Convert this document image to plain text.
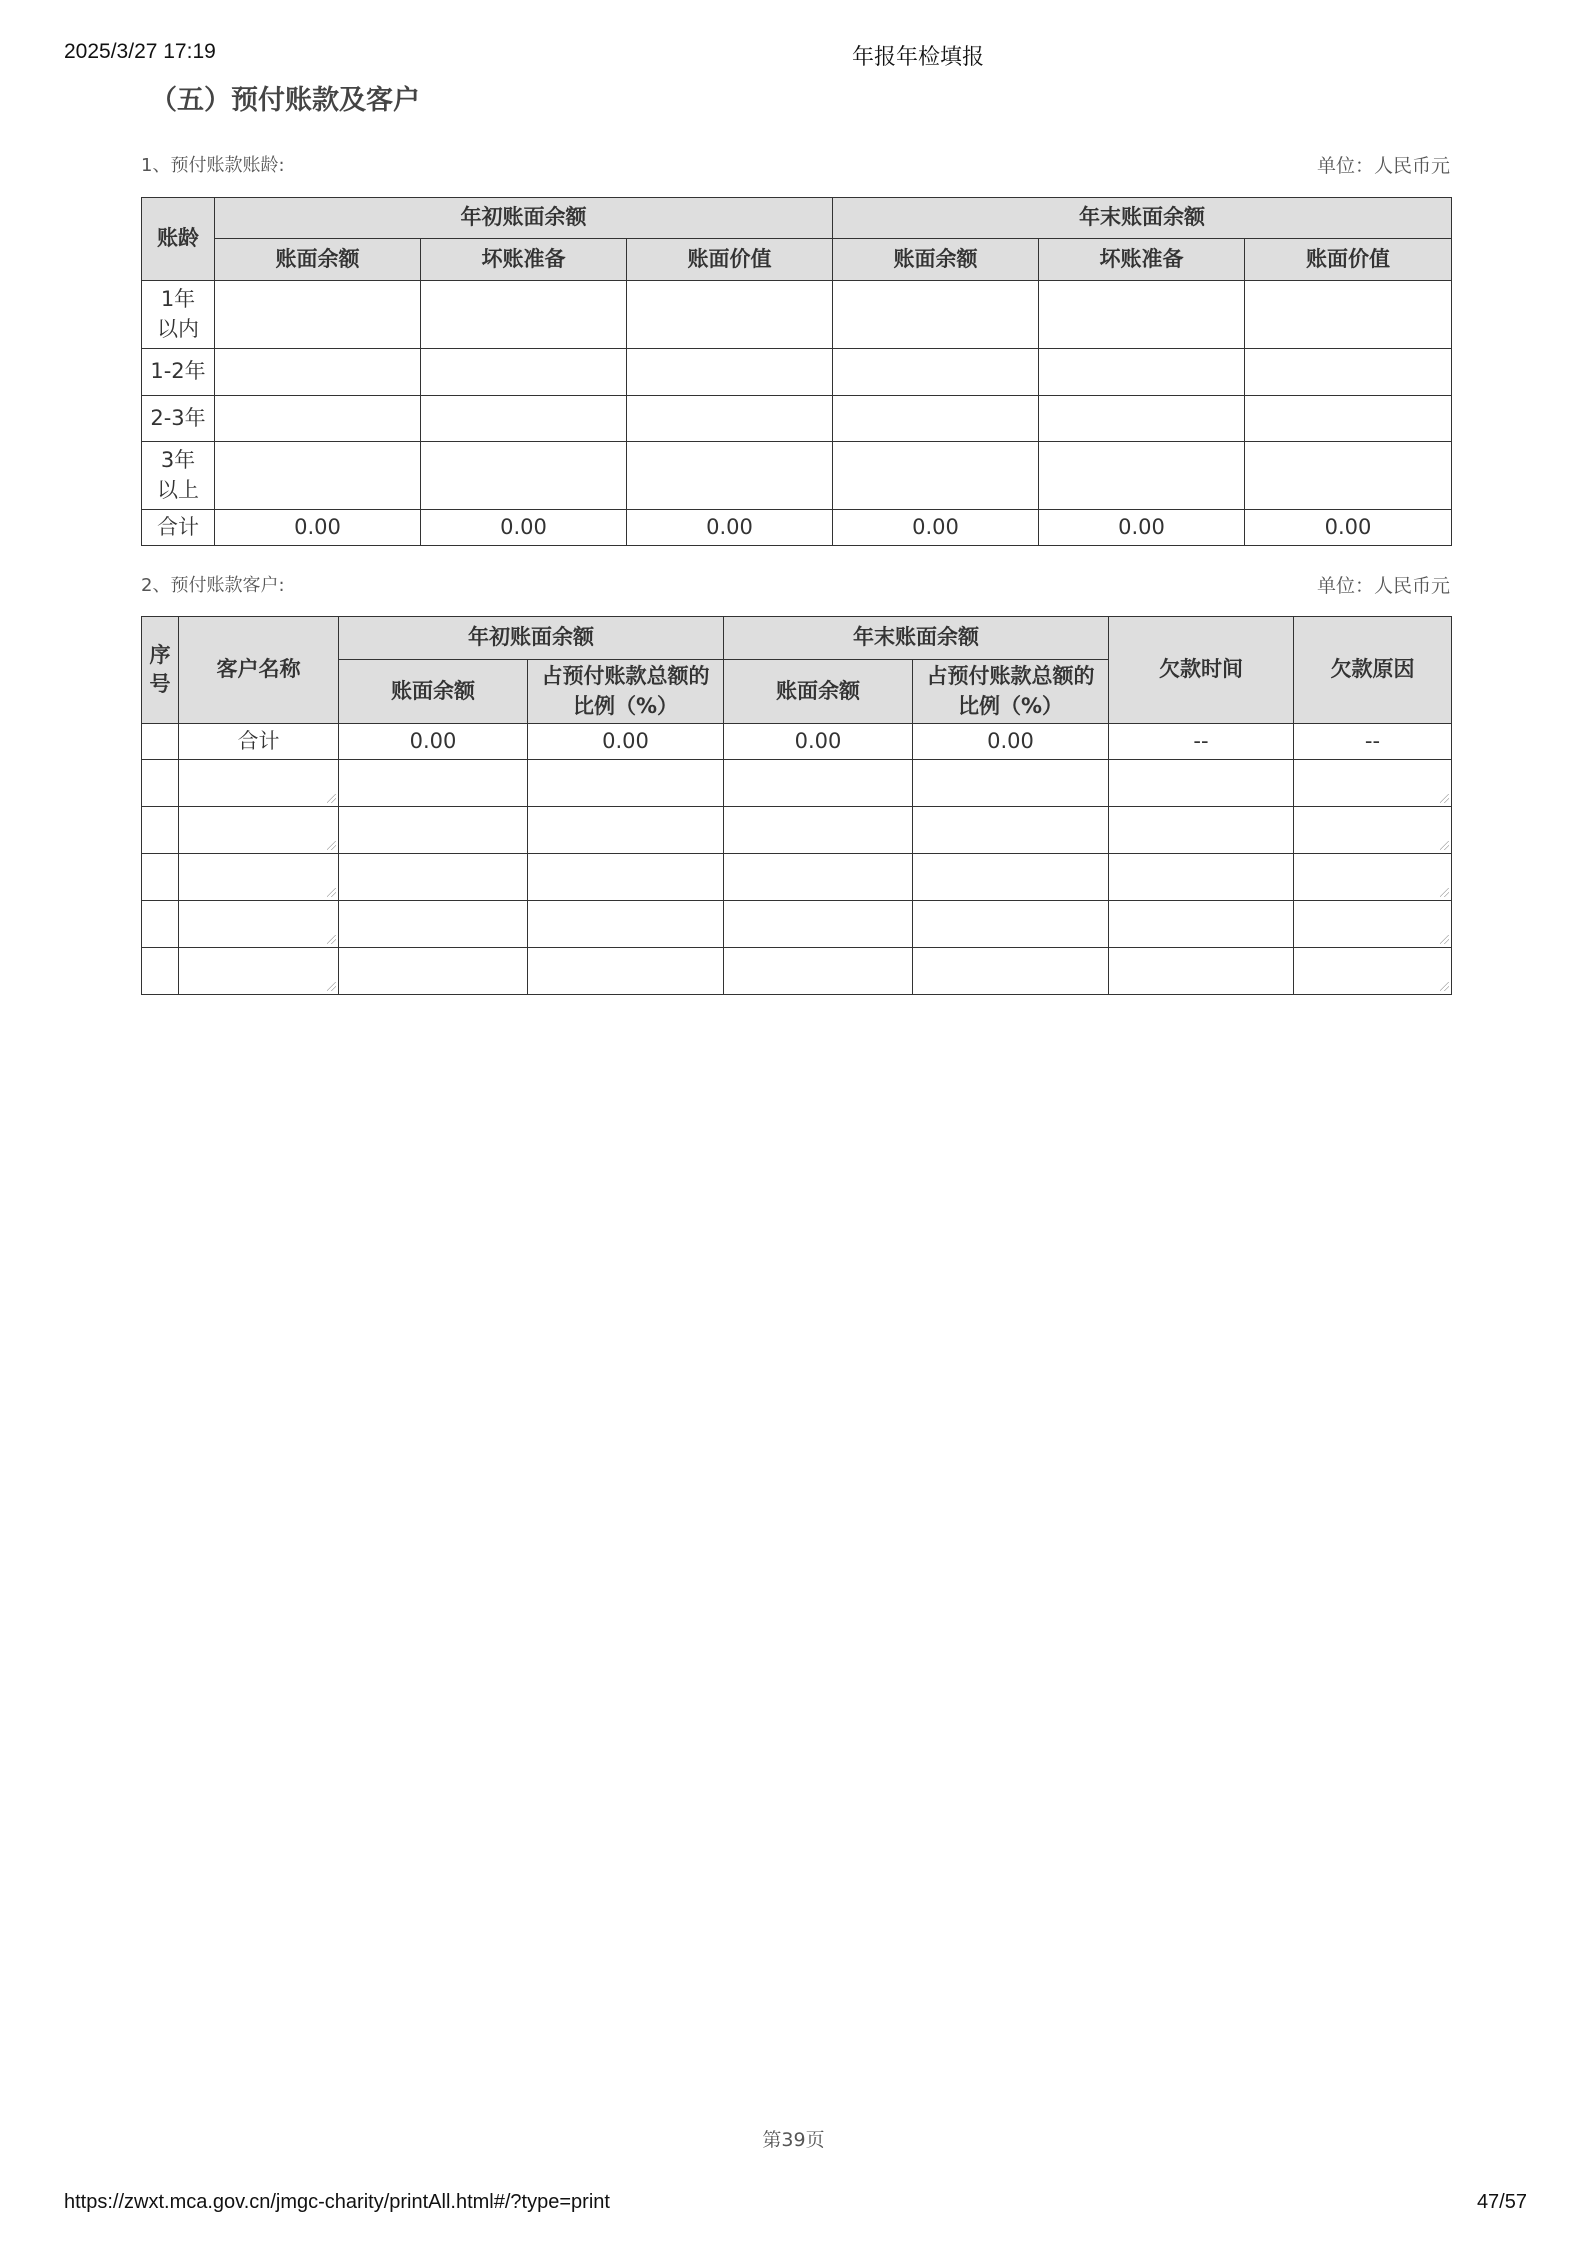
2025/3/27 17:19	年报年检填报
（五）预付账款及客户
1、预付账款账龄:	单位：人民币元
账龄	年初账面余额			年末账面余额		
	账面余额	坏账准备	账面价值	账面余额	坏账准备	账面价值
1年以内						
1-2年						
2-3年						
3年以上						
合计	0.00	0.00	0.00	0.00	0.00	0.00
2、预付账款客户:	单位：人民币元
序号	客户名称	年初账面余额		年末账面余额		欠款时间	欠款原因
		账面余额	占预付账款总额的比例（%）	账面余额	占预付账款总额的比例（%）		
	合计	0.00	0.00	0.00	0.00	--	--

第39页
https://zwxt.mca.gov.cn/jmgc-charity/printAll.html#/?type=print	47/57
